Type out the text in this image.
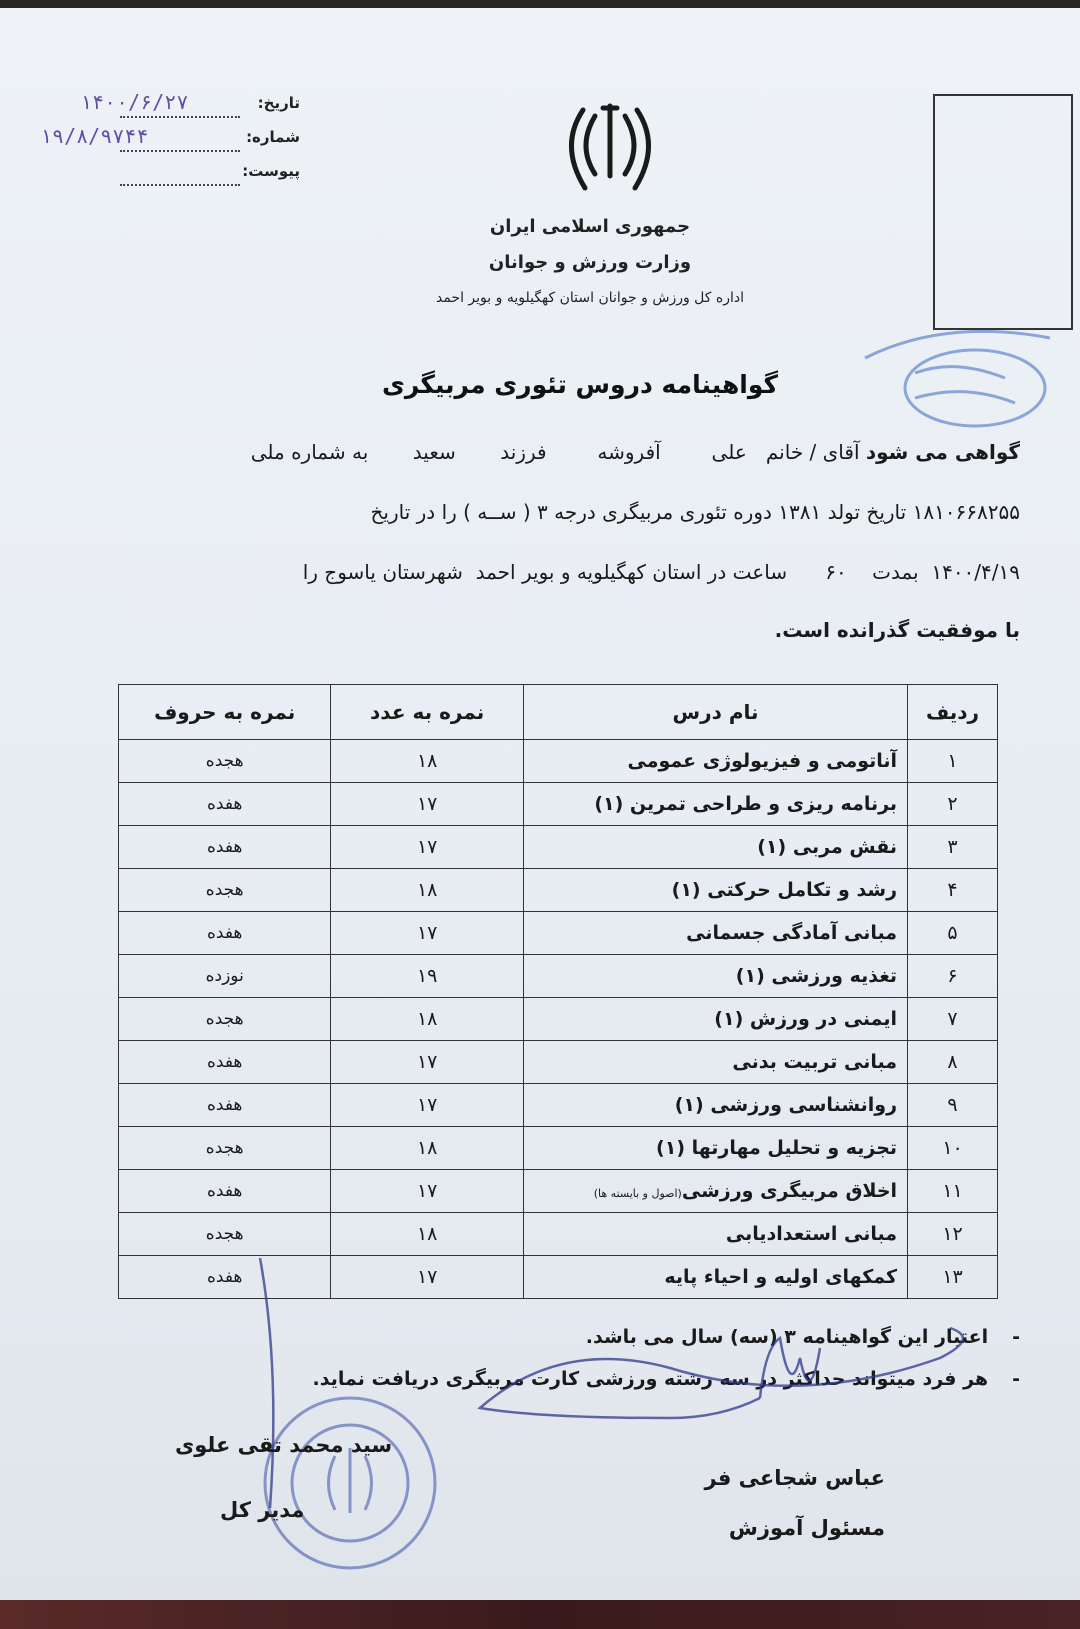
تاریخ:
۱۴۰۰/۶/۲۷
شماره:
۱۹/۸/۹۷۴۴
پیوست:
جمهوری اسلامی ایران
وزارت ورزش و جوانان
اداره کل ورزش و جوانان استان کهگیلویه و بویر احمد
گواهینامه دروس تئوری مربیگری
گواهی می شود آقای / خانم   علی        آفروشه        فرزند       سعید       به شماره ملی
۱۸۱۰۶۶۸۲۵۵ تاریخ تولد ۱۳۸۱ دوره تئوری مربیگری درجه ۳ ( ســه ) را در تاریخ
۱۴۰۰/۴/۱۹  بمدت    ۶۰      ساعت در استان کهگیلویه و بویر احمد  شهرستان یاسوج را
با موفقیت گذرانده است.
ردیف	نام درس	نمره به عدد	نمره به حروف
۱	آناتومی و فیزیولوژی عمومی	۱۸	هجده
۲	برنامه ریزی و طراحی تمرین (۱)	۱۷	هفده
۳	نقش مربی (۱)	۱۷	هفده
۴	رشد و تکامل حرکتی (۱)	۱۸	هجده
۵	مبانی آمادگی جسمانی	۱۷	هفده
۶	تغذیه ورزشی (۱)	۱۹	نوزده
۷	ایمنی در ورزش (۱)	۱۸	هجده
۸	مبانی تربیت بدنی	۱۷	هفده
۹	روانشناسی ورزشی (۱)	۱۷	هفده
۱۰	تجزیه و تحلیل مهارتها (۱)	۱۸	هجده
۱۱	اخلاق مربیگری ورزشی(اصول و بایسته ها)	۱۷	هفده
۱۲	مبانی استعدادیابی	۱۸	هجده
۱۳	کمکهای اولیه و احیاء پایه	۱۷	هفده
-اعتبار این گواهینامه ۳ (سه) سال می باشد.
-هر فرد میتواند حداکثر در سه رشته ورزشی کارت مربیگری دریافت نماید.
عباس شجاعی فر
مسئول آموزش
سید محمد تقی علوی
مدیر کل
